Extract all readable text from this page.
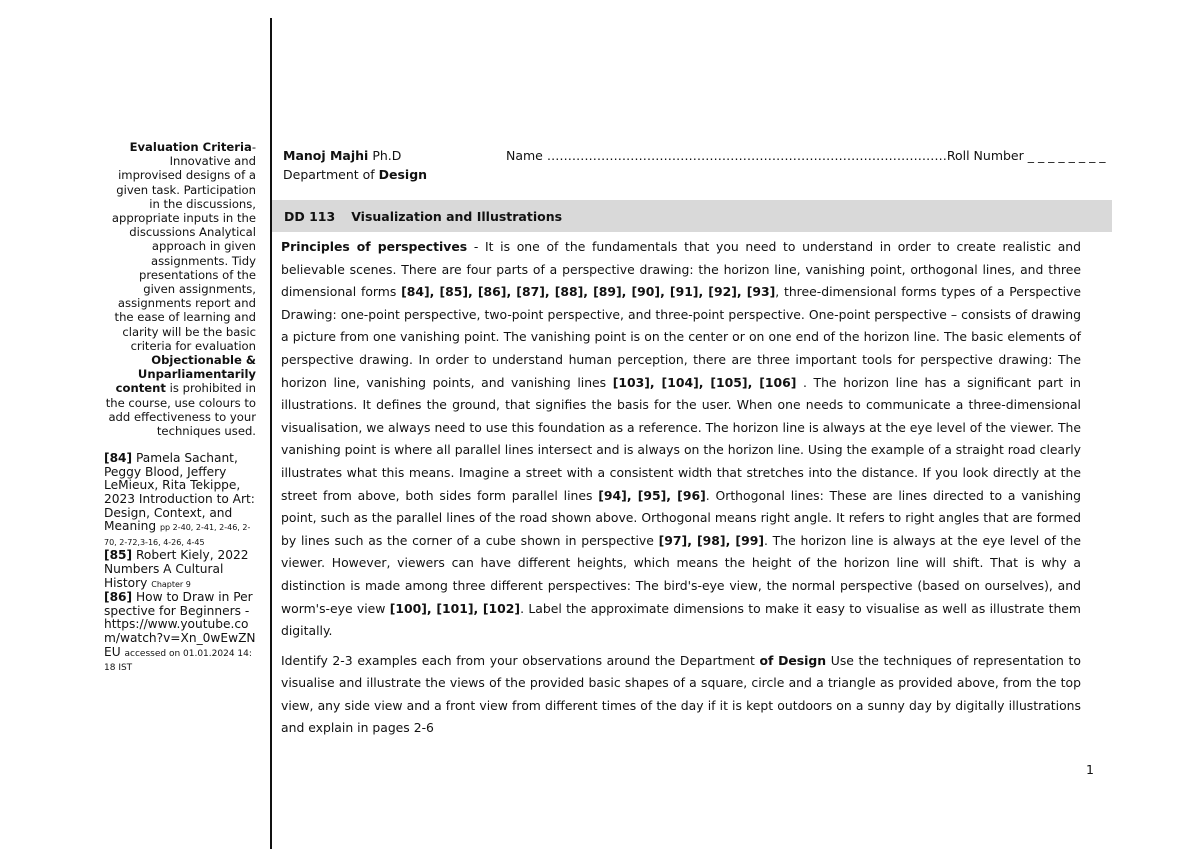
Evaluation Criteria- Innovative and improvised designs of a given task. Participation in the discussions, appropriate inputs in the discussions Analytical approach in given assignments. Tidy presentations of the given assignments, assignments report and the ease of learning and clarity will be the basic criteria for evaluation
Objectionable & Unparliamentarily content is prohibited in the course, use colours to add effectiveness to your techniques used.

[84] Pamela Sachant, Peggy Blood, Jeffery LeMieux, Rita Tekippe, 2023 Introduction to Art: Design, Context, and Meaning pp 2-40, 2-41, 2-46, 2-70, 2-72,3-16, 4-26, 4-45

[85] Robert Kiely, 2022 Numbers A Cultural History Chapter 9

[86] How to Draw in Perspective for Beginners - https://www.youtube.com/watch?v=Xn_0wEwZNEU accessed on 01.01.2024 14:18 IST

Manoj Majhi Ph.D
Department of Design
Name ……………………………………………………………………………………Roll Number _ _ _ _ _ _ _ _
DD 113 Visualization and Illustrations

Principles of perspectives - It is one of the fundamentals that you need to understand in order to create realistic and believable scenes. There are four parts of a perspective drawing: the horizon line, vanishing point, orthogonal lines, and three dimensional forms [84], [85], [86], [87], [88], [89], [90], [91], [92], [93], three-dimensional forms types of a Perspective Drawing: one-point perspective, two-point perspective, and three-point perspective. One-point perspective – consists of drawing a picture from one vanishing point. The vanishing point is on the center or on one end of the horizon line. The basic elements of perspective drawing. In order to understand human perception, there are three important tools for perspective drawing: The horizon line, vanishing points, and vanishing lines [103], [104], [105], [106] . The horizon line has a significant part in illustrations. It defines the ground, that signifies the basis for the user. When one needs to communicate a three-dimensional visualisation, we always need to use this foundation as a reference. The horizon line is always at the eye level of the viewer. The vanishing point is where all parallel lines intersect and is always on the horizon line. Using the example of a straight road clearly illustrates what this means. Imagine a street with a consistent width that stretches into the distance. If you look directly at the street from above, both sides form parallel lines [94], [95], [96]. Orthogonal lines: These are lines directed to a vanishing point, such as the parallel lines of the road shown above. Orthogonal means right angle. It refers to right angles that are formed by lines such as the corner of a cube shown in perspective [97], [98], [99]. The horizon line is always at the eye level of the viewer. However, viewers can have different heights, which means the height of the horizon line will shift. That is why a distinction is made among three different perspectives: The bird's-eye view, the normal perspective (based on ourselves), and worm's-eye view [100], [101], [102]. Label the approximate dimensions to make it easy to visualise as well as illustrate them digitally.

Identify 2-3 examples each from your observations around the Department of Design Use the techniques of representation to visualise and illustrate the views of the provided basic shapes of a square, circle and a triangle as provided above, from the top view, any side view and a front view from different times of the day if it is kept outdoors on a sunny day by digitally illustrations and explain in pages 2-6

1
